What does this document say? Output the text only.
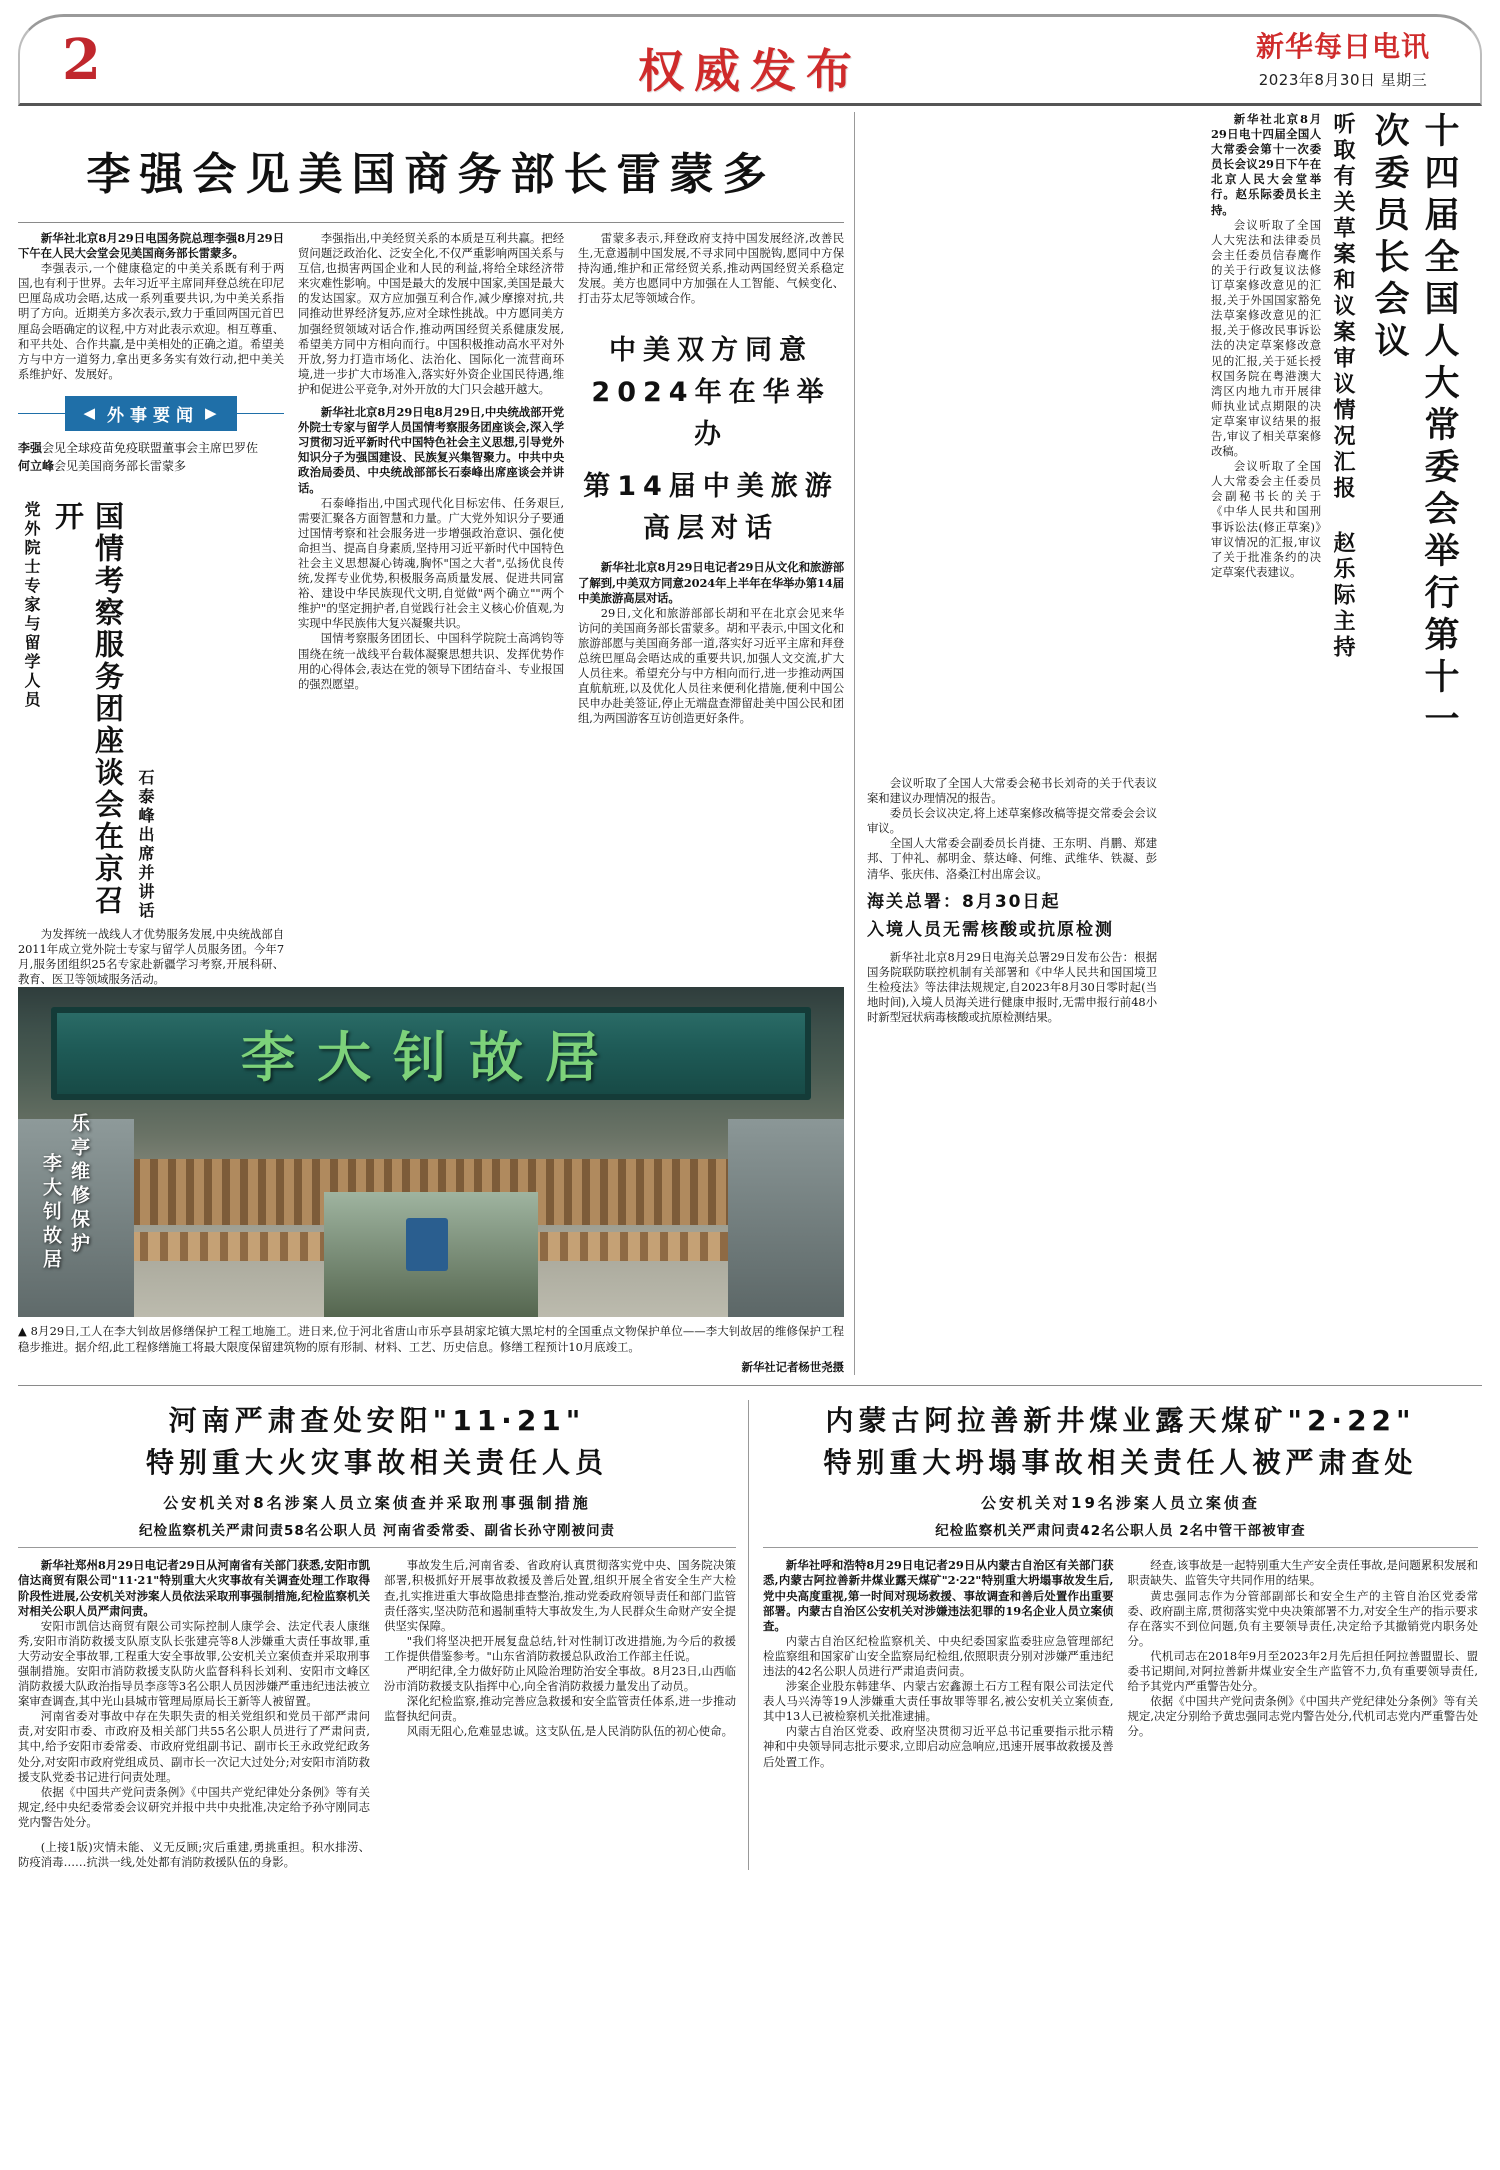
2	权威发布	新华每日电讯
2023年8月30日 星期三
李强会见美国商务部长雷蒙多

新华社北京8月29日电国务院总理李强8月29日下午在人民大会堂会见美国商务部长雷蒙多。

李强表示,一个健康稳定的中美关系既有利于两国,也有利于世界。去年习近平主席同拜登总统在印尼巴厘岛成功会晤,达成一系列重要共识,为中美关系指明了方向。近期美方多次表示,致力于重回两国元首巴厘岛会晤确定的议程,中方对此表示欢迎。相互尊重、和平共处、合作共赢,是中美相处的正确之道。希望美方与中方一道努力,拿出更多务实有效行动,把中美关系维护好、发展好。

◀ 外事要闻 ▶
李强会见全球疫苗免疫联盟董事会主席巴罗佐
何立峰会见美国商务部长雷蒙多
党外院士专家与留学人员	国情考察服务团座谈会在京召开
石泰峰出席并讲话

为发挥统一战线人才优势服务发展,中央统战部自2011年成立党外院士专家与留学人员服务团。今年7月,服务团组织25名专家赴新疆学习考察,开展科研、教育、医卫等领域服务活动。

李强指出,中美经贸关系的本质是互利共赢。把经贸问题泛政治化、泛安全化,不仅严重影响两国关系与互信,也损害两国企业和人民的利益,将给全球经济带来灾难性影响。中国是最大的发展中国家,美国是最大的发达国家。双方应加强互利合作,减少摩擦对抗,共同推动世界经济复苏,应对全球性挑战。中方愿同美方加强经贸领域对话合作,推动两国经贸关系健康发展,希望美方同中方相向而行。中国积极推动高水平对外开放,努力打造市场化、法治化、国际化一流营商环境,进一步扩大市场准入,落实好外资企业国民待遇,维护和促进公平竞争,对外开放的大门只会越开越大。

新华社北京8月29日电8月29日,中央统战部开党外院士专家与留学人员国情考察服务团座谈会,深入学习贯彻习近平新时代中国特色社会主义思想,引导党外知识分子为强国建设、民族复兴集智聚力。中共中央政治局委员、中央统战部部长石泰峰出席座谈会并讲话。

石泰峰指出,中国式现代化目标宏伟、任务艰巨,需要汇聚各方面智慧和力量。广大党外知识分子要通过国情考察和社会服务进一步增强政治意识、强化使命担当、提高自身素质,坚持用习近平新时代中国特色社会主义思想凝心铸魂,胸怀"国之大者",弘扬优良传统,发挥专业优势,积极服务高质量发展、促进共同富裕、建设中华民族现代文明,自觉做"两个确立""两个维护"的坚定拥护者,自觉践行社会主义核心价值观,为实现中华民族伟大复兴凝聚共识。

国情考察服务团团长、中国科学院院士高鸿钧等围绕在统一战线平台载体凝聚思想共识、发挥优势作用的心得体会,表达在党的领导下团结奋斗、专业报国的强烈愿望。

雷蒙多表示,拜登政府支持中国发展经济,改善民生,无意遏制中国发展,不寻求同中国脱钩,愿同中方保持沟通,维护和正常经贸关系,推动两国经贸关系稳定发展。美方也愿同中方加强在人工智能、气候变化、打击芬太尼等领域合作。

中美双方同意2024年在华举办
第14届中美旅游高层对话

新华社北京8月29日电记者29日从文化和旅游部了解到,中美双方同意2024年上半年在华举办第14届中美旅游高层对话。

29日,文化和旅游部部长胡和平在北京会见来华访问的美国商务部长雷蒙多。胡和平表示,中国文化和旅游部愿与美国商务部一道,落实好习近平主席和拜登总统巴厘岛会晤达成的重要共识,加强人文交流,扩大人员往来。希望充分与中方相向而行,进一步推动两国直航航班,以及优化人员往来便利化措施,便利中国公民申办赴美签证,停止无端盘查滞留赴美中国公民和团组,为两国游客互访创造更好条件。

李大钊故居
乐亭维修保护
李大钊故居
▲ 8月29日,工人在李大钊故居修缮保护工程工地施工。进日来,位于河北省唐山市乐亭县胡家坨镇大黑坨村的全国重点文物保护单位——李大钊故居的维修保护工程稳步推进。据介绍,此工程修缮施工将最大限度保留建筑物的原有形制、材料、工艺、历史信息。修缮工程预计10月底竣工。
新华社记者杨世尧摄

新华社北京8月29日电十四届全国人大常委会第十一次委员长会议29日下午在北京人民大会堂举行。赵乐际委员长主持。

会议听取了全国人大宪法和法律委员会主任委员信春鹰作的关于行政复议法修订草案修改意见的汇报,关于外国国家豁免法草案修改意见的汇报,关于修改民事诉讼法的决定草案修改意见的汇报,关于延长授权国务院在粤港澳大湾区内地九市开展律师执业试点期限的决定草案审议结果的报告,审议了相关草案修改稿。

会议听取了全国人大常委会主任委员会副秘书长的关于《中华人民共和国刑事诉讼法(修正草案)》审议情况的汇报,审议了关于批准条约的决定草案代表建议。	听取有关草案和议案审议情况汇报 赵乐际主持	十四届全国人大常委会举行第十一次委员长会议

会议听取了全国人大常委会秘书长刘奇的关于代表议案和建议办理情况的报告。

委员长会议决定,将上述草案修改稿等提交常委会会议审议。

全国人大常委会副委员长肖捷、王东明、肖鹏、郑建邦、丁仲礼、郝明金、蔡达峰、何维、武维华、铁凝、彭清华、张庆伟、洛桑江村出席会议。

海关总署：8月30日起
入境人员无需核酸或抗原检测

新华社北京8月29日电海关总署29日发布公告：根据国务院联防联控机制有关部署和《中华人民共和国国境卫生检疫法》等法律法规规定,自2023年8月30日零时起(当地时间),入境人员海关进行健康申报时,无需申报行前48小时新型冠状病毒核酸或抗原检测结果。

河南严肃查处安阳"11·21"
特别重大火灾事故相关责任人员
公安机关对8名涉案人员立案侦查并采取刑事强制措施
纪检监察机关严肃问责58名公职人员 河南省委常委、副省长孙守刚被问责

新华社郑州8月29日电记者29日从河南省有关部门获悉,安阳市凯信达商贸有限公司"11·21"特别重大火灾事故有关调查处理工作取得阶段性进展,公安机关对涉案人员依法采取刑事强制措施,纪检监察机关对相关公职人员严肃问责。

安阳市凯信达商贸有限公司实际控制人康学会、法定代表人康继秀,安阳市消防救援支队原支队长张建亮等8人涉嫌重大责任事故罪,重大劳动安全事故罪,工程重大安全事故罪,公安机关立案侦查并采取刑事强制措施。安阳市消防救援支队防火监督科科长刘利、安阳市文峰区消防救援大队政治指导员李彦等3名公职人员因涉嫌严重违纪违法被立案审查调查,其中光山县城市管理局原局长王新等人被留置。

河南省委对事故中存在失职失责的相关党组织和党员干部严肃问责,对安阳市委、市政府及相关部门共55名公职人员进行了严肃问责,其中,给予安阳市委常委、市政府党组副书记、副市长王永政党纪政务处分,对安阳市政府党组成员、副市长一次记大过处分;对安阳市消防救援支队党委书记进行问责处理。

依据《中国共产党问责条例》《中国共产党纪律处分条例》等有关规定,经中央纪委常委会议研究并报中共中央批准,决定给予孙守刚同志党内警告处分。

(上接1版)灾情未能、义无反顾;灾后重建,勇挑重担。积水排涝、防疫消毒……抗洪一线,处处都有消防救援队伍的身影。

事故发生后,河南省委、省政府认真贯彻落实党中央、国务院决策部署,积极抓好开展事故救援及善后处置,组织开展全省安全生产大检查,扎实推进重大事故隐患排查整治,推动党委政府领导责任和部门监管责任落实,坚决防范和遏制重特大事故发生,为人民群众生命财产安全提供坚实保障。

"我们将坚决把开展复盘总结,针对性制订改进措施,为今后的救援工作提供借鉴参考。"山东省消防救援总队政治工作部主任说。

严明纪律,全力做好防止风险治理防治安全事故。8月23日,山西临汾市消防救援支队指挥中心,向全省消防救援力量发出了动员。

深化纪检监察,推动完善应急救援和安全监管责任体系,进一步推动监督执纪问责。

风雨无阻心,危难显忠诚。这支队伍,是人民消防队伍的初心使命。

内蒙古阿拉善新井煤业露天煤矿"2·22"
特别重大坍塌事故相关责任人被严肃查处
公安机关对19名涉案人员立案侦查
纪检监察机关严肃问责42名公职人员 2名中管干部被审查

新华社呼和浩特8月29日电记者29日从内蒙古自治区有关部门获悉,内蒙古阿拉善新井煤业露天煤矿"2·22"特别重大坍塌事故发生后,党中央高度重视,第一时间对现场救援、事故调查和善后处置作出重要部署。内蒙古自治区公安机关对涉嫌违法犯罪的19名企业人员立案侦查。

内蒙古自治区纪检监察机关、中央纪委国家监委驻应急管理部纪检监察组和国家矿山安全监察局纪检组,依照职责分别对涉嫌严重违纪违法的42名公职人员进行严肃追责问责。

涉案企业股东韩建华、内蒙古宏鑫源土石方工程有限公司法定代表人马兴涛等19人涉嫌重大责任事故罪等罪名,被公安机关立案侦查,其中13人已被检察机关批准逮捕。

内蒙古自治区党委、政府坚决贯彻习近平总书记重要指示批示精神和中央领导同志批示要求,立即启动应急响应,迅速开展事故救援及善后处置工作。

经查,该事故是一起特别重大生产安全责任事故,是问题累积发展和职责缺失、监管失守共同作用的结果。

黄忠强同志作为分管部副部长和安全生产的主管自治区党委常委、政府副主席,贯彻落实党中央决策部署不力,对安全生产的指示要求存在落实不到位问题,负有主要领导责任,决定给予其撤销党内职务处分。

代机司志在2018年9月至2023年2月先后担任阿拉善盟盟长、盟委书记期间,对阿拉善新井煤业安全生产监管不力,负有重要领导责任,给予其党内严重警告处分。

依据《中国共产党问责条例》《中国共产党纪律处分条例》等有关规定,决定分别给予黄忠强同志党内警告处分,代机司志党内严重警告处分。
